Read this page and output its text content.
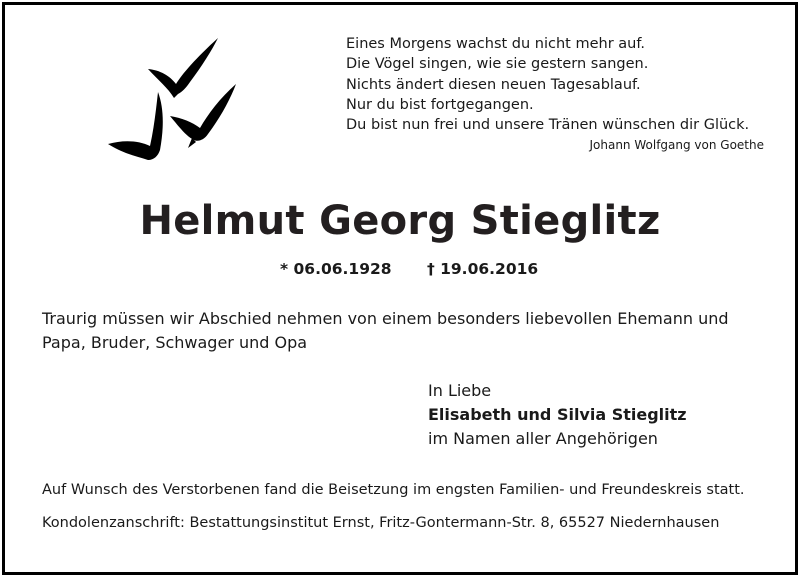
Eines Morgens wachst du nicht mehr auf.
Die Vögel singen, wie sie gestern sangen.
Nichts ändert diesen neuen Tagesablauf.
Nur du bist fortgegangen.
Du bist nun frei und unsere Tränen wünschen dir Glück.
Johann Wolfgang von Goethe
Helmut Georg Stieglitz
* 06.06.1928 † 19.06.2016
Traurig müssen wir Abschied nehmen von einem besonders liebevollen Ehemann und
Papa, Bruder, Schwager und Opa
In Liebe
Elisabeth und Silvia Stieglitz
im Namen aller Angehörigen
Auf Wunsch des Verstorbenen fand die Beisetzung im engsten Familien- und Freundeskreis statt.
Kondolenzanschrift: Bestattungsinstitut Ernst, Fritz-Gontermann-Str. 8, 65527 Niedernhausen
